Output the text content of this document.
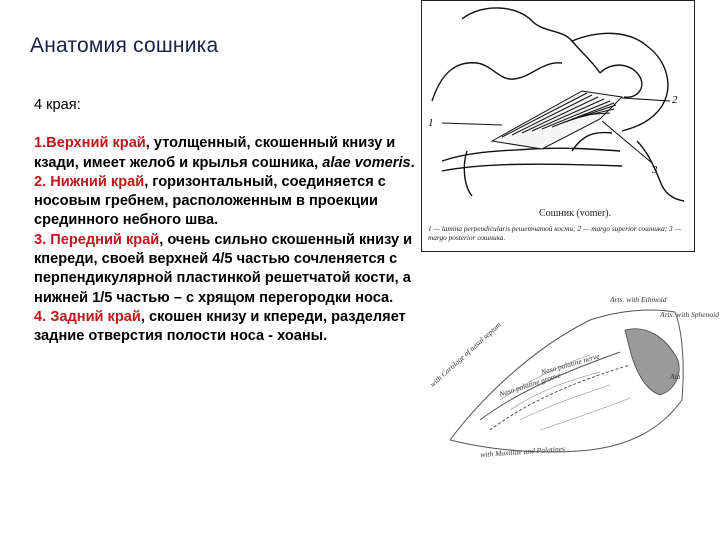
Анатомия сошника

4 края:

1.Верхний край, утолщенный, скошенный книзу и кзади, имеет желоб и крылья сошника, alae vomeris.

2. Нижний край, горизонтальный, соединяется с носовым гребнем, расположенным в проекции срединного небного шва.

3. Передний край, очень сильно скошенный книзу и кпереди, своей верхней 4/5 частью сочленяется с перпендикулярной пластинкой решетчатой кости, а нижней 1/5 частью – с хрящом перегородки носа.

4. Задний край, скошен книзу и кпереди, разделяет задние отверстия полости носа - хоаны.

1
2
3
Сошник (vomer).
1 — lamina perpendicularis решетчатой кости; 2 — margo superior сошника; 3 — margo posterior сошника.
Arts. with Ethmoid
Arts. with Sphenoid
with Cartilage of nasal septum
Naso palatine groove
Naso palatine nerve	Ala
with Maxillae and Palatines
